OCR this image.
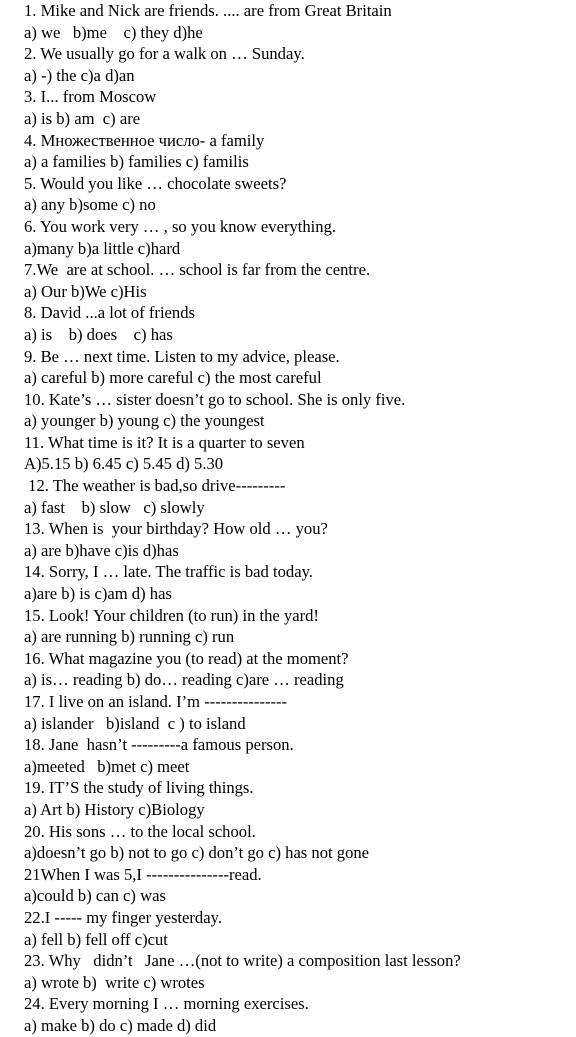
1. Mike and Nick are friends. .... are from Great Britain
a) we   b)me    c) they d)he
2. We usually go for a walk on … Sunday.
a) -) the c)a d)an
3. I... from Moscow
a) is b) am  c) are
4. Множественное число- a family
a) a families b) families c) familis
5. Would you like … chocolate sweets?
a) any b)some c) no
6. You work very … , so you know everything.
a)many b)a little c)hard
7.We  are at school. … school is far from the centre.
a) Our b)We c)His
8. David ...a lot of friends
a) is    b) does    c) has
9. Be … next time. Listen to my advice, please.
a) careful b) more careful c) the most careful
10. Kate’s … sister doesn’t go to school. She is only five.
a) younger b) young c) the youngest
11. What time is it? It is a quarter to seven
A)5.15 b) 6.45 c) 5.45 d) 5.30
12. The weather is bad,so drive---------
a) fast    b) slow   c) slowly
13. When is  your birthday? How old … you?
a) are b)have c)is d)has
14. Sorry, I … late. The traffic is bad today.
a)are b) is c)am d) has
15. Look! Your children (to run) in the yard!
a) are running b) running c) run
16. What magazine you (to read) at the moment?
a) is… reading b) do… reading c)are … reading
17. I live on an island. I’m ---------------
a) islander   b)island  c ) to island
18. Jane  hasn’t ---------a famous person.
a)meeted   b)met c) meet
19. IT’S the study of living things.
a) Art b) History c)Biology
20. His sons … to the local school.
a)doesn’t go b) not to go c) don’t go c) has not gone
21When I was 5,I ---------------read.
a)could b) can c) was
22.I ----- my finger yesterday.
a) fell b) fell off c)cut
23. Why   didn’t   Jane …(not to write) a composition last lesson?
a) wrote b)  write c) wrotes
24. Every morning I … morning exercises.
a) make b) do c) made d) did
